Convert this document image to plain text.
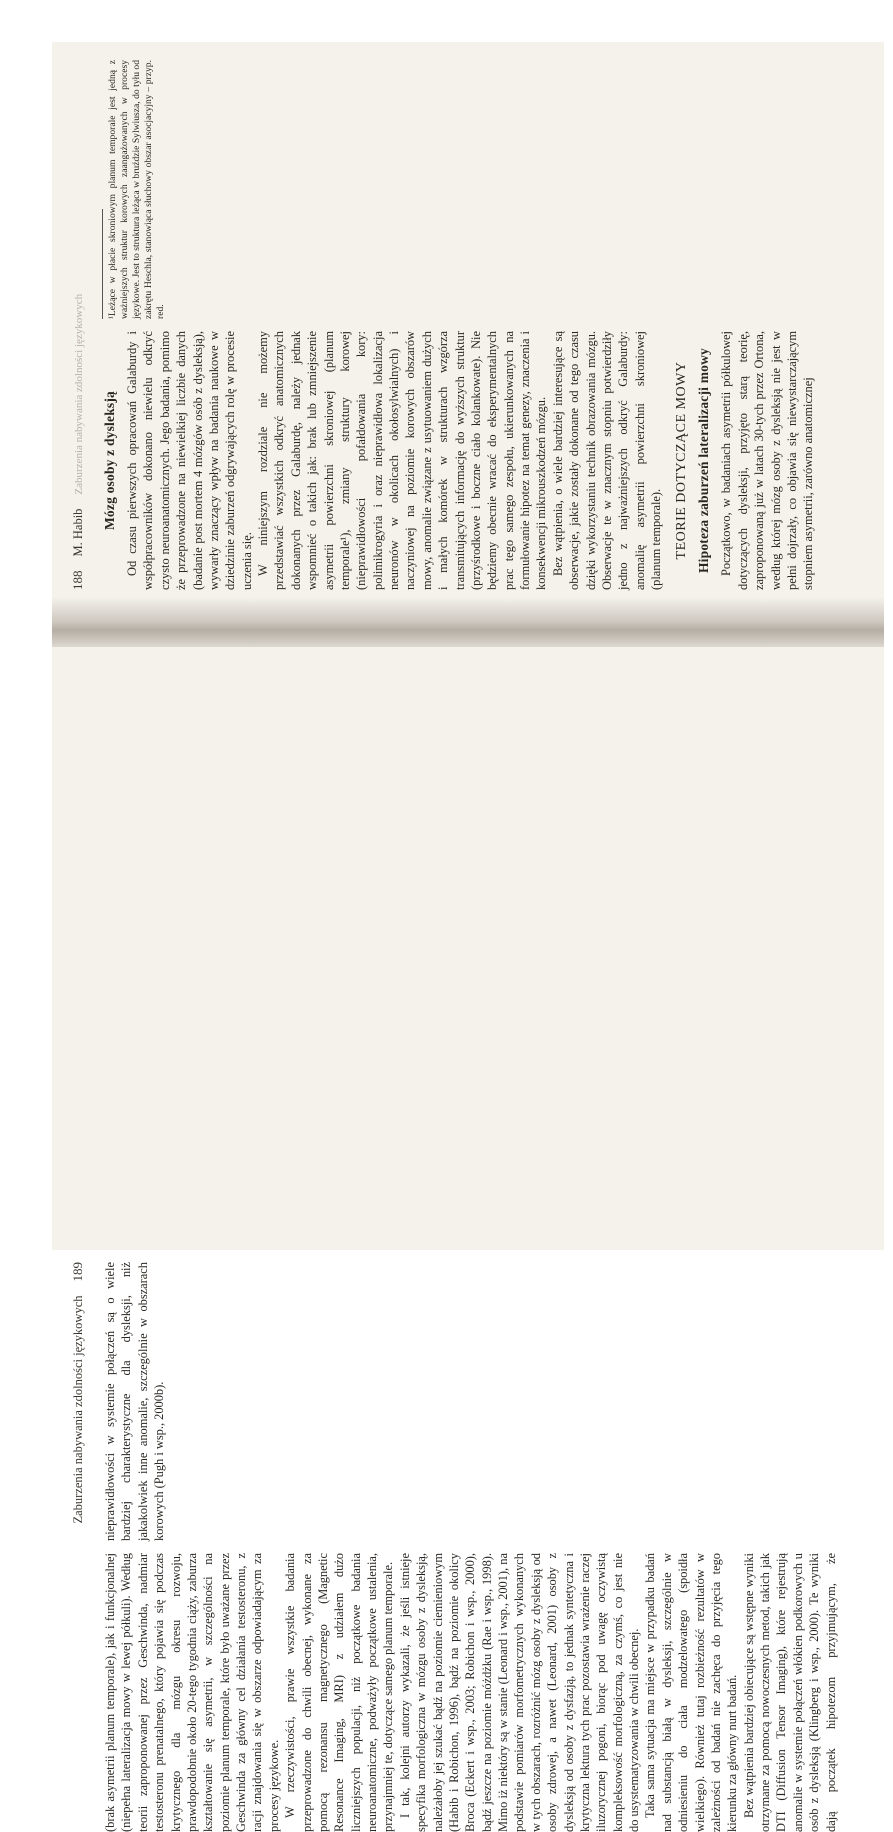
188
M. Habib
Zaburzenia nabywania zdolności językowych Mózg osoby z dysleksją Od czasu pierwszych opracowań Galaburdy i współpracowników dokonano niewielu odkryć czysto neuroanatomicznych. Jego badania, pomimo że przeprowadzone na niewielkiej liczbie danych (badanie post mortem 4 mózgów osób z dysleksją), wywarły znaczący wpływ na badania naukowe w dziedzinie zaburzeń odgrywających rolę w procesie uczenia się. W niniejszym rozdziale nie możemy przedstawiać wszystkich odkryć anatomicznych dokonanych przez Galaburdę, należy jednak wspomnieć o takich jak: brak lub zmniejszenie asymetrii powierzchni skroniowej (planum temporale¹), zmiany struktury korowej (nieprawidłowości pofałdowania kory: polimikrogyria i oraz nieprawidłowa lokalizacja neuronów w okolicach okołosylwialnych) i naczyniowej na poziomie korowych obszarów mowy, anomalie związane z usytuowaniem dużych i małych komórek w strukturach wzgórza transmitujących informację do wyższych struktur (przyśrodkowe i boczne ciało kolankowate). Nie będziemy obecnie wracać do eksperymentalnych prac tego samego zespołu, ukierunkowanych na formułowanie hipotez na temat genezy, znaczenia i konsekwencji mikrouszkodzeń mózgu. Bez wątpienia, o wiele bardziej interesujące są obserwacje, jakie zostały dokonane od tego czasu dzięki wykorzystaniu technik obrazowania mózgu. Obserwacje te w znacznym stopniu potwierdziły jedno z najważniejszych odkryć Galaburdy: anomalię asymetrii powierzchni skroniowej (planum temporale). TEORIE DOTYCZĄCE MOWY Hipoteza zaburzeń lateralizacji mowy Początkowo, w badaniach asymetrii półkulowej dotyczących dysleksji, przyjęto starą teorię, zaproponowaną już w latach 30-tych przez Ortona, według której mózg osoby z dysleksją nie jest w pełni dojrzały, co objawia się niewystarczającym stopniem asymetrii, zarówno anatomicznej

¹Leżące w płacie skroniowym planum temporale jest jedną z ważniejszych struktur korowych zaangażowanych w procesy językowe. Jest to struktura leżąca w bruździe Sylwiusza, do tyłu od zakrętu Heschla, stanowiąca słuchowy obszar asocjacyjny – przyp. red.

Zaburzenia nabywania zdolności językowych
189

(brak asymetrii planum temporale), jak i funkcjonalnej (niepełna lateralizacja mowy w lewej półkuli). Według teorii zaproponowanej przez Geschwinda, nadmiar testosteronu prenatalnego, który pojawia się podczas krytycznego dla mózgu okresu rozwoju, prawdopodobnie około 20-tego tygodnia ciąży, zaburza kształtowanie się asymetrii, w szczególności na poziomie planum temporale, które było uważane przez Geschwinda za główny cel działania testosteronu, z racji znajdowania się w obszarze odpowiadającym za procesy językowe. W rzeczywistości, prawie wszystkie badania przeprowadzone do chwili obecnej, wykonane za pomocą rezonansu magnetycznego (Magnetic Resonance Imaging, MRI) z udziałem dużo liczniejszych populacji, niż początkowe badania neuroanatomiczne, podważyły początkowe ustalenia, przynajmniej te, dotyczące samego planum temporale. I tak, kolejni autorzy wykazali, że jeśli istnieje specyfika morfologiczna w mózgu osoby z dysleksją, należałoby jej szukać bądź na poziomie ciemieniowym (Habib i Robichon, 1996), bądź na poziomie okolicy Broca (Eckert i wsp., 2003; Robichon i wsp., 2000), bądź jeszcze na poziomie móżdżku (Rae i wsp., 1998). Mimo iż niektóry są w stanie (Leonard i wsp., 2001), na podstawie pomiarów morfometrycznych wykonanych w tych obszarach, rozróżnić mózg osoby z dysleksją od osoby zdrowej, a nawet (Leonard, 2001) osoby z dysleksją od osoby z dysfazją, to jednak syntetyczna i krytyczna lektura tych prac pozostawia wrażenie raczej iluzorycznej pogoni, biorąc pod uwagę oczywistą kompleksowość morfologiczną, za czymś, co jest nie do usystematyzowania w chwili obecnej. Taka sama sytuacja ma miejsce w przypadku badań nad substancją białą w dysleksji, szczególnie w odniesieniu do ciała modzelowatego (spoidła wielkiego). Również tutaj rozbieżność rezultatów w zależności od badań nie zachęca do przyjęcia tego kierunku za główny nurt badań. Bez wątpienia bardziej obiecujące są wstępne wyniki otrzymane za pomocą nowoczesnych metod, takich jak DTI (Diffusion Tensor Imaging), które rejestrują anomalie w systemie połączeń włókien podkorowych u osób z dysleksją (Klingberg i wsp., 2000). Te wyniki dają początek hipotezom przyjmującym, że nieprawidłowości w systemie połączeń są o wiele bardziej charakterystyczne dla dysleksji, niż jakakolwiek inne anomalie, szczególnie w obszarach korowych (Pugh i wsp., 2000b).
